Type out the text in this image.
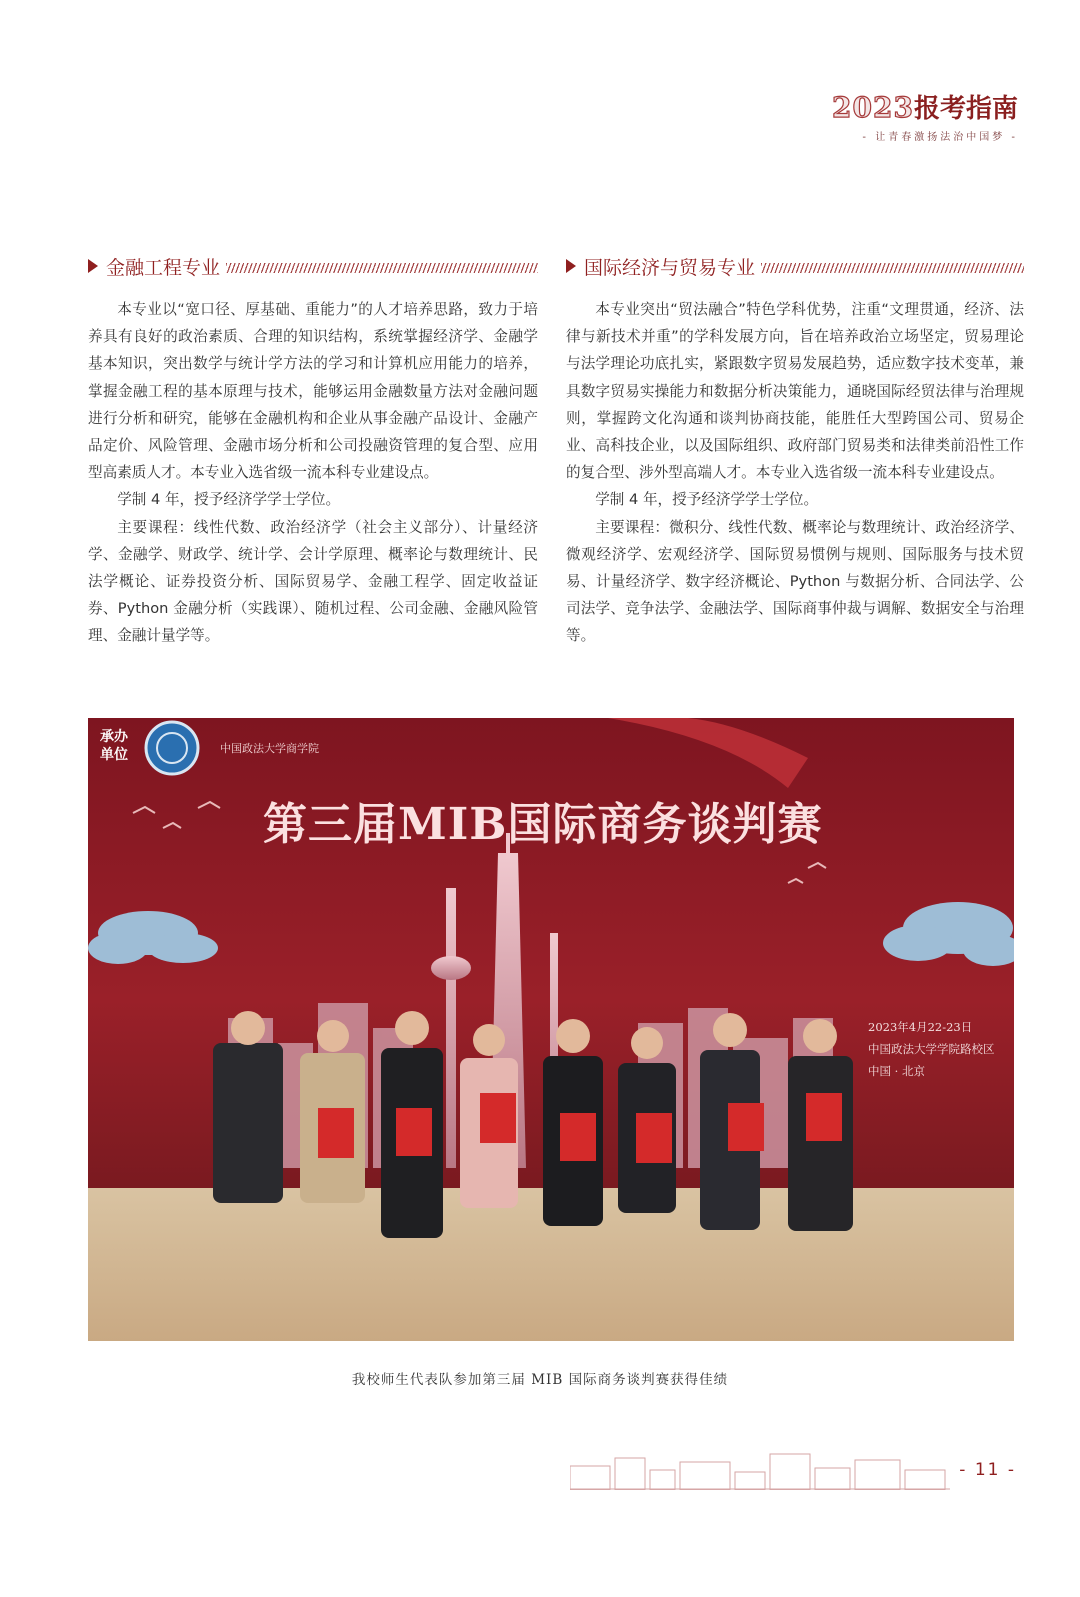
2023报考指南
- 让青春激扬法治中国梦 -
金融工程专业

本专业以“宽口径、厚基础、重能力”的人才培养思路，致力于培养具有良好的政治素质、合理的知识结构，系统掌握经济学、金融学基本知识，突出数学与统计学方法的学习和计算机应用能力的培养，掌握金融工程的基本原理与技术，能够运用金融数量方法对金融问题进行分析和研究，能够在金融机构和企业从事金融产品设计、金融产品定价、风险管理、金融市场分析和公司投融资管理的复合型、应用型高素质人才。本专业入选省级一流本科专业建设点。

学制 4 年，授予经济学学士学位。

主要课程：线性代数、政治经济学（社会主义部分）、计量经济学、金融学、财政学、统计学、会计学原理、概率论与数理统计、民法学概论、证券投资分析、国际贸易学、金融工程学、固定收益证券、Python 金融分析（实践课）、随机过程、公司金融、金融风险管理、金融计量学等。

国际经济与贸易专业

本专业突出“贸法融合”特色学科优势，注重“文理贯通，经济、法律与新技术并重”的学科发展方向，旨在培养政治立场坚定，贸易理论与法学理论功底扎实，紧跟数字贸易发展趋势，适应数字技术变革，兼具数字贸易实操能力和数据分析决策能力，通晓国际经贸法律与治理规则，掌握跨文化沟通和谈判协商技能，能胜任大型跨国公司、贸易企业、高科技企业，以及国际组织、政府部门贸易类和法律类前沿性工作的复合型、涉外型高端人才。本专业入选省级一流本科专业建设点。

学制 4 年，授予经济学学士学位。

主要课程：微积分、线性代数、概率论与数理统计、政治经济学、微观经济学、宏观经济学、国际贸易惯例与规则、国际服务与技术贸易、计量经济学、数字经济概论、Python 与数据分析、合同法学、公司法学、竞争法学、金融法学、国际商事仲裁与调解、数据安全与治理等。

承办
单位	中国政法大学商学院
第三届MIB国际商务谈判赛
2023年4月22-23日
中国政法大学学院路校区
中国 · 北京
我校师生代表队参加第三届 MIB 国际商务谈判赛获得佳绩
- 11 -
